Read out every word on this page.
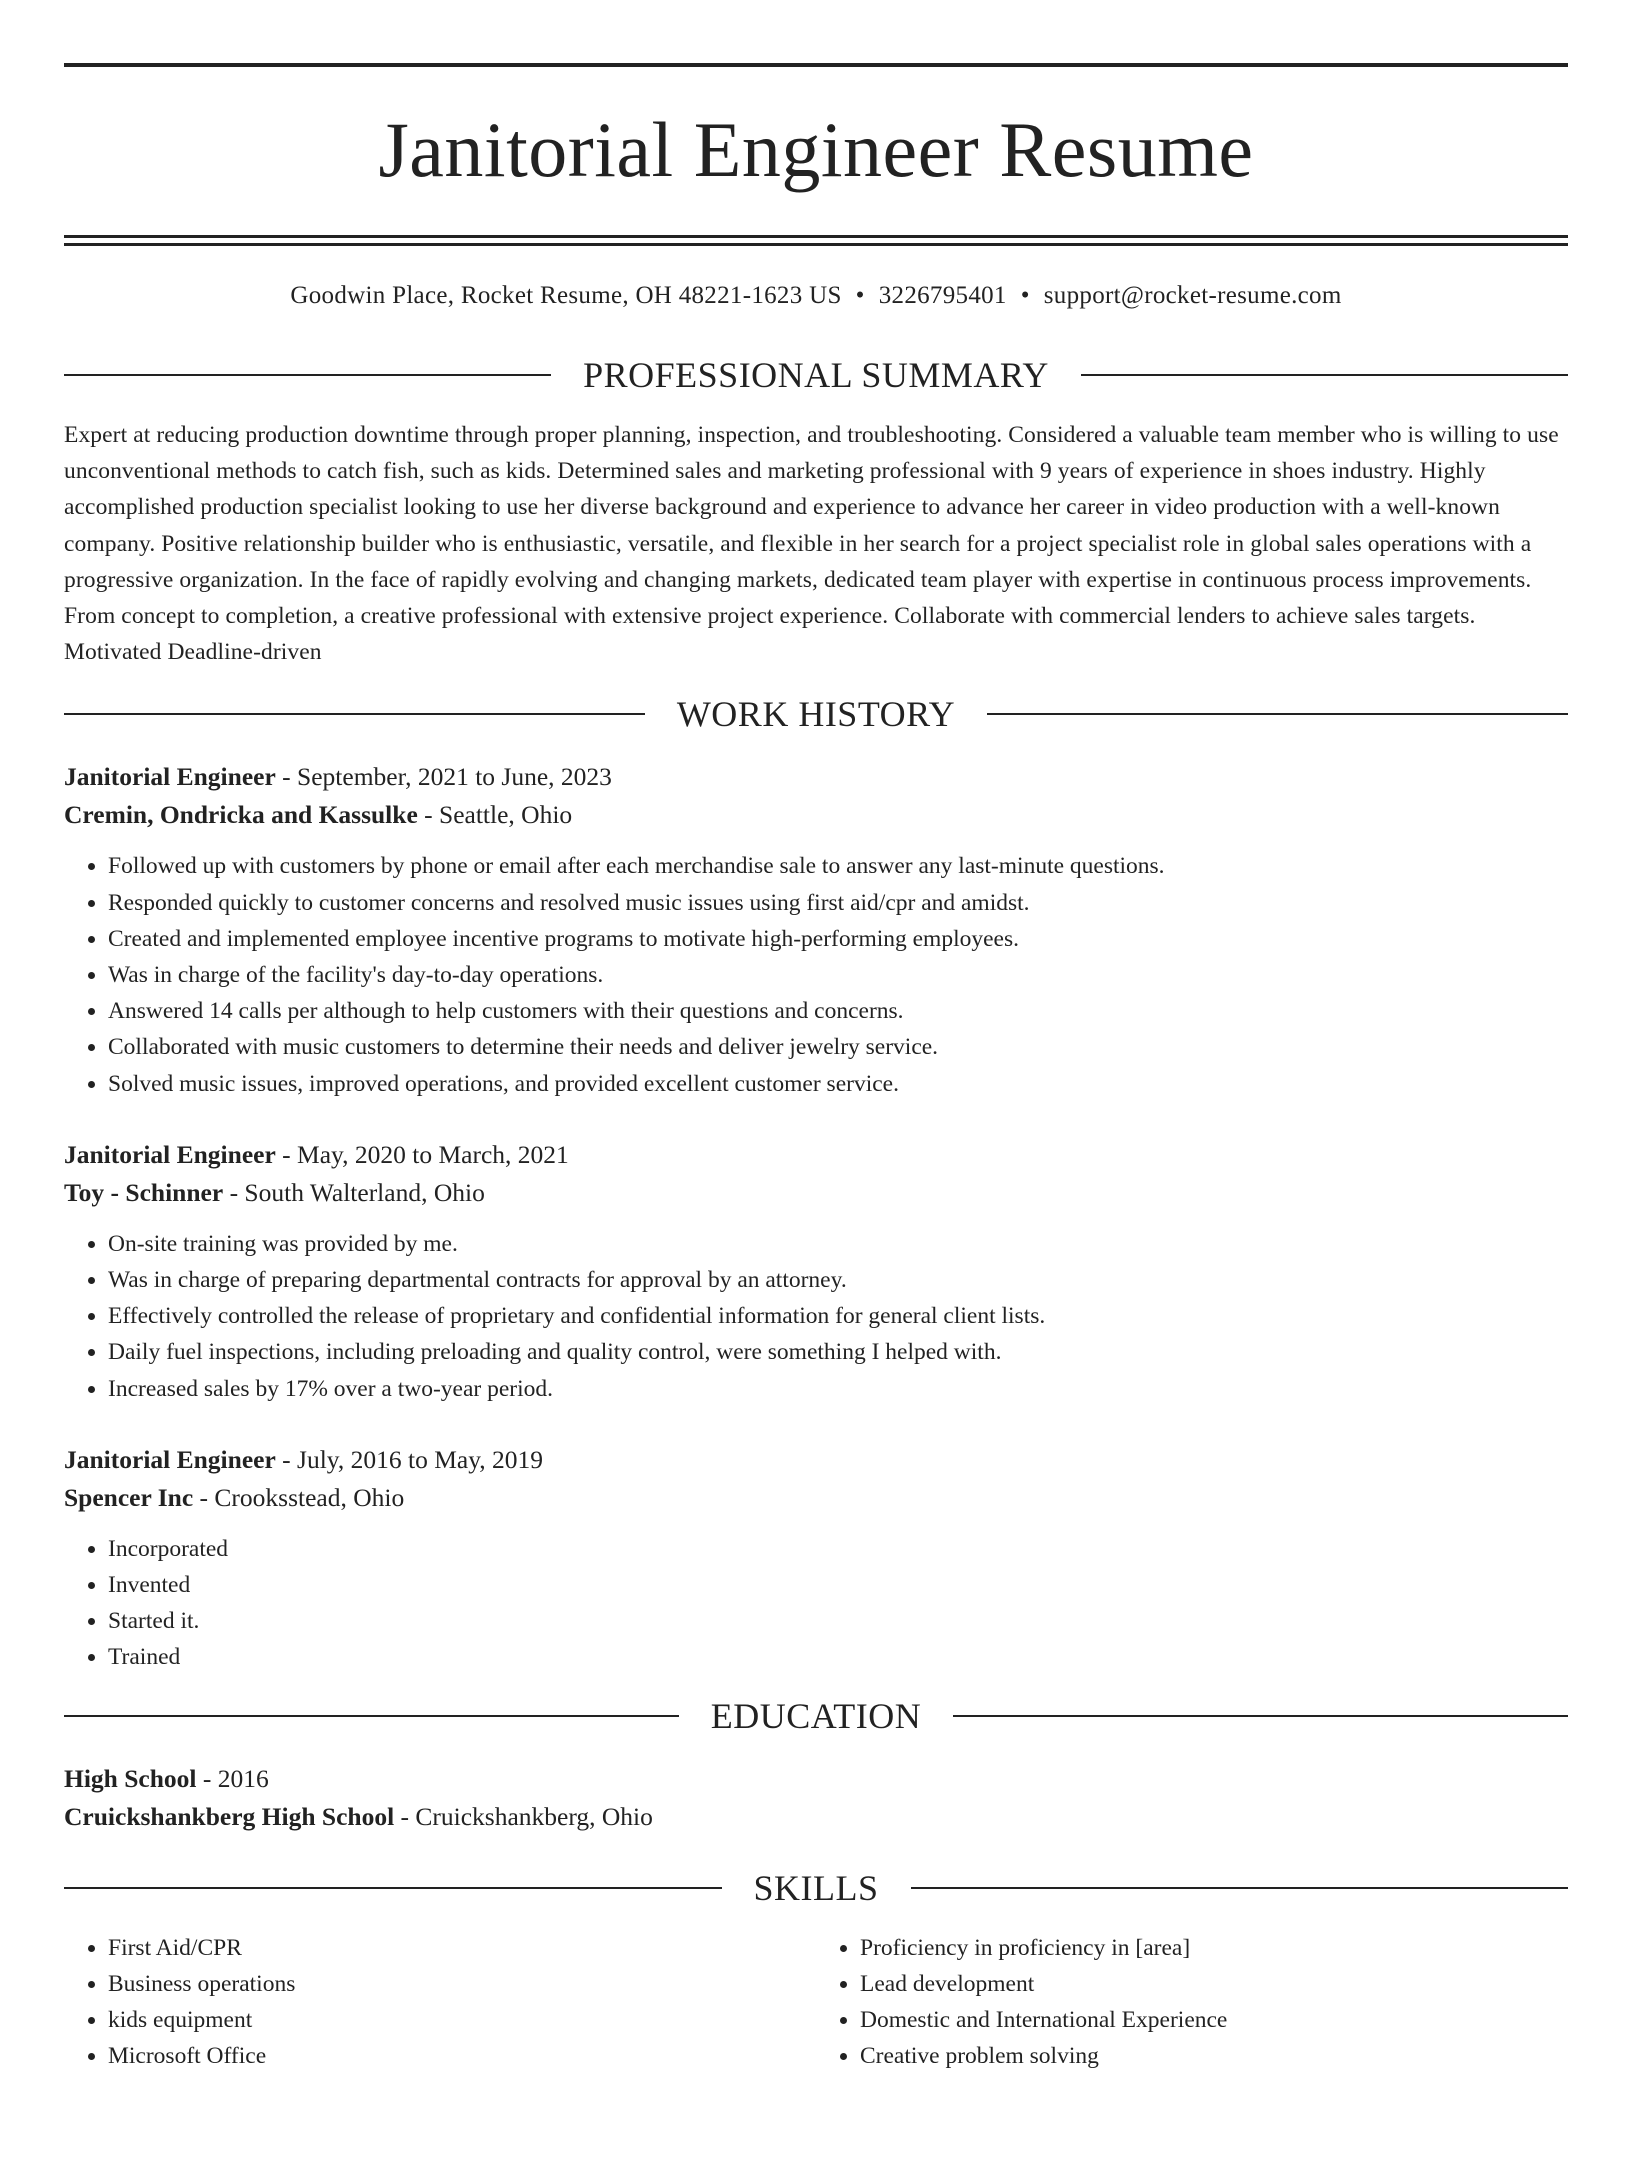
Janitorial Engineer Resume
Goodwin Place, Rocket Resume, OH 48221-1623 US • 3226795401 • support@rocket-resume.com
PROFESSIONAL SUMMARY

Expert at reducing production downtime through proper planning, inspection, and troubleshooting. Considered a valuable team member who is willing to use unconventional methods to catch fish, such as kids. Determined sales and marketing professional with 9 years of experience in shoes industry. Highly accomplished production specialist looking to use her diverse background and experience to advance her career in video production with a well-known company. Positive relationship builder who is enthusiastic, versatile, and flexible in her search for a project specialist role in global sales operations with a progressive organization. In the face of rapidly evolving and changing markets, dedicated team player with expertise in continuous process improvements. From concept to completion, a creative professional with extensive project experience. Collaborate with commercial lenders to achieve sales targets. Motivated Deadline-driven

WORK HISTORY
Janitorial Engineer - September, 2021 to June, 2023
Cremin, Ondricka and Kassulke - Seattle, Ohio
• Followed up with customers by phone or email after each merchandise sale to answer any last-minute questions.
• Responded quickly to customer concerns and resolved music issues using first aid/cpr and amidst.
• Created and implemented employee incentive programs to motivate high-performing employees.
• Was in charge of the facility's day-to-day operations.
• Answered 14 calls per although to help customers with their questions and concerns.
• Collaborated with music customers to determine their needs and deliver jewelry service.
• Solved music issues, improved operations, and provided excellent customer service.
Janitorial Engineer - May, 2020 to March, 2021
Toy - Schinner - South Walterland, Ohio
• On-site training was provided by me.
• Was in charge of preparing departmental contracts for approval by an attorney.
• Effectively controlled the release of proprietary and confidential information for general client lists.
• Daily fuel inspections, including preloading and quality control, were something I helped with.
• Increased sales by 17% over a two-year period.
Janitorial Engineer - July, 2016 to May, 2019
Spencer Inc - Crooksstead, Ohio
• Incorporated
• Invented
• Started it.
• Trained
EDUCATION
High School - 2016
Cruickshankberg High School - Cruickshankberg, Ohio
SKILLS
• First Aid/CPR
• Business operations
• kids equipment
• Microsoft Office
• Proficiency in proficiency in [area]
• Lead development
• Domestic and International Experience
• Creative problem solving
